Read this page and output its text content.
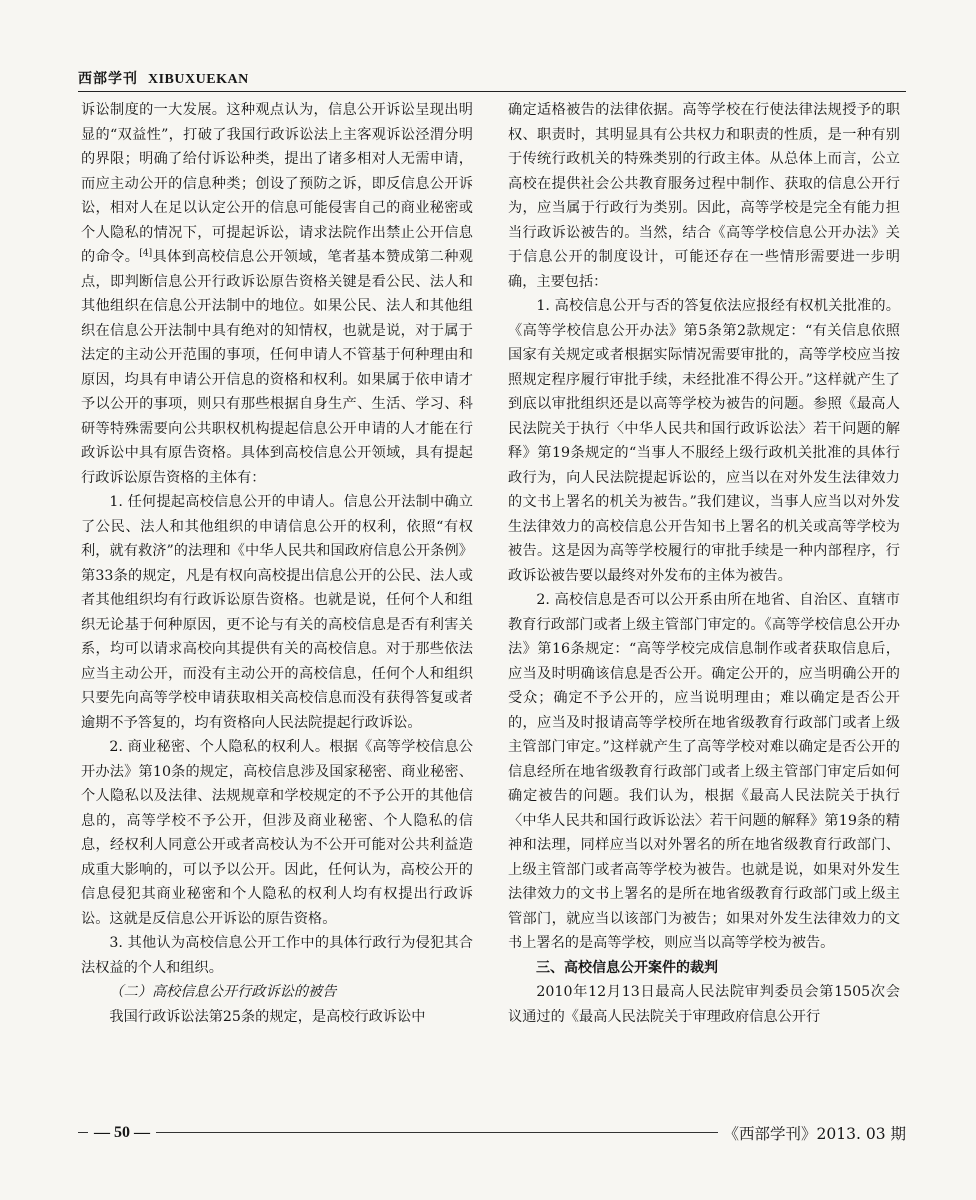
西部学刊 XIBUXUEKAN

诉讼制度的一大发展。这种观点认为，信息公开诉讼呈现出明显的“双益性”，打破了我国行政诉讼法上主客观诉讼泾渭分明的界限；明确了给付诉讼种类，提出了诸多相对人无需申请，而应主动公开的信息种类；创设了预防之诉，即反信息公开诉讼，相对人在足以认定公开的信息可能侵害自己的商业秘密或个人隐私的情况下，可提起诉讼，请求法院作出禁止公开信息的命令。[4]具体到高校信息公开领域，笔者基本赞成第二种观点，即判断信息公开行政诉讼原告资格关键是看公民、法人和其他组织在信息公开法制中的地位。如果公民、法人和其他组织在信息公开法制中具有绝对的知情权，也就是说，对于属于法定的主动公开范围的事项，任何申请人不管基于何种理由和原因，均具有申请公开信息的资格和权利。如果属于依申请才予以公开的事项，则只有那些根据自身生产、生活、学习、科研等特殊需要向公共职权机构提起信息公开申请的人才能在行政诉讼中具有原告资格。具体到高校信息公开领域，具有提起行政诉讼原告资格的主体有：

1. 任何提起高校信息公开的申请人。信息公开法制中确立了公民、法人和其他组织的申请信息公开的权利，依照“有权利，就有救济”的法理和《中华人民共和国政府信息公开条例》第33条的规定，凡是有权向高校提出信息公开的公民、法人或者其他组织均有行政诉讼原告资格。也就是说，任何个人和组织无论基于何种原因，更不论与有关的高校信息是否有利害关系，均可以请求高校向其提供有关的高校信息。对于那些依法应当主动公开，而没有主动公开的高校信息，任何个人和组织只要先向高等学校申请获取相关高校信息而没有获得答复或者逾期不予答复的，均有资格向人民法院提起行政诉讼。

2. 商业秘密、个人隐私的权利人。根据《高等学校信息公开办法》第10条的规定，高校信息涉及国家秘密、商业秘密、个人隐私以及法律、法规规章和学校规定的不予公开的其他信息的，高等学校不予公开，但涉及商业秘密、个人隐私的信息，经权利人同意公开或者高校认为不公开可能对公共利益造成重大影响的，可以予以公开。因此，任何认为，高校公开的信息侵犯其商业秘密和个人隐私的权利人均有权提出行政诉讼。这就是反信息公开诉讼的原告资格。

3. 其他认为高校信息公开工作中的具体行政行为侵犯其合法权益的个人和组织。

（二）高校信息公开行政诉讼的被告

我国行政诉讼法第25条的规定，是高校行政诉讼中

确定适格被告的法律依据。高等学校在行使法律法规授予的职权、职责时，其明显具有公共权力和职责的性质，是一种有别于传统行政机关的特殊类别的行政主体。从总体上而言，公立高校在提供社会公共教育服务过程中制作、获取的信息公开行为，应当属于行政行为类别。因此，高等学校是完全有能力担当行政诉讼被告的。当然，结合《高等学校信息公开办法》关于信息公开的制度设计，可能还存在一些情形需要进一步明确，主要包括：

1. 高校信息公开与否的答复依法应报经有权机关批准的。《高等学校信息公开办法》第5条第2款规定：“有关信息依照国家有关规定或者根据实际情况需要审批的，高等学校应当按照规定程序履行审批手续，未经批准不得公开。”这样就产生了到底以审批组织还是以高等学校为被告的问题。参照《最高人民法院关于执行〈中华人民共和国行政诉讼法〉若干问题的解释》第19条规定的“当事人不服经上级行政机关批准的具体行政行为，向人民法院提起诉讼的，应当以在对外发生法律效力的文书上署名的机关为被告。”我们建议，当事人应当以对外发生法律效力的高校信息公开告知书上署名的机关或高等学校为被告。这是因为高等学校履行的审批手续是一种内部程序，行政诉讼被告要以最终对外发布的主体为被告。

2. 高校信息是否可以公开系由所在地省、自治区、直辖市教育行政部门或者上级主管部门审定的。《高等学校信息公开办法》第16条规定：“高等学校完成信息制作或者获取信息后，应当及时明确该信息是否公开。确定公开的，应当明确公开的受众；确定不予公开的，应当说明理由；难以确定是否公开的，应当及时报请高等学校所在地省级教育行政部门或者上级主管部门审定。”这样就产生了高等学校对难以确定是否公开的信息经所在地省级教育行政部门或者上级主管部门审定后如何确定被告的问题。我们认为，根据《最高人民法院关于执行〈中华人民共和国行政诉讼法〉若干问题的解释》第19条的精神和法理，同样应当以对外署名的所在地省级教育行政部门、上级主管部门或者高等学校为被告。也就是说，如果对外发生法律效力的文书上署名的是所在地省级教育行政部门或上级主管部门，就应当以该部门为被告；如果对外发生法律效力的文书上署名的是高等学校，则应当以高等学校为被告。

三、高校信息公开案件的裁判

2010年12月13日最高人民法院审判委员会第1505次会议通过的《最高人民法院关于审理政府信息公开行

— 50 —	《西部学刊》2013. 03 期
